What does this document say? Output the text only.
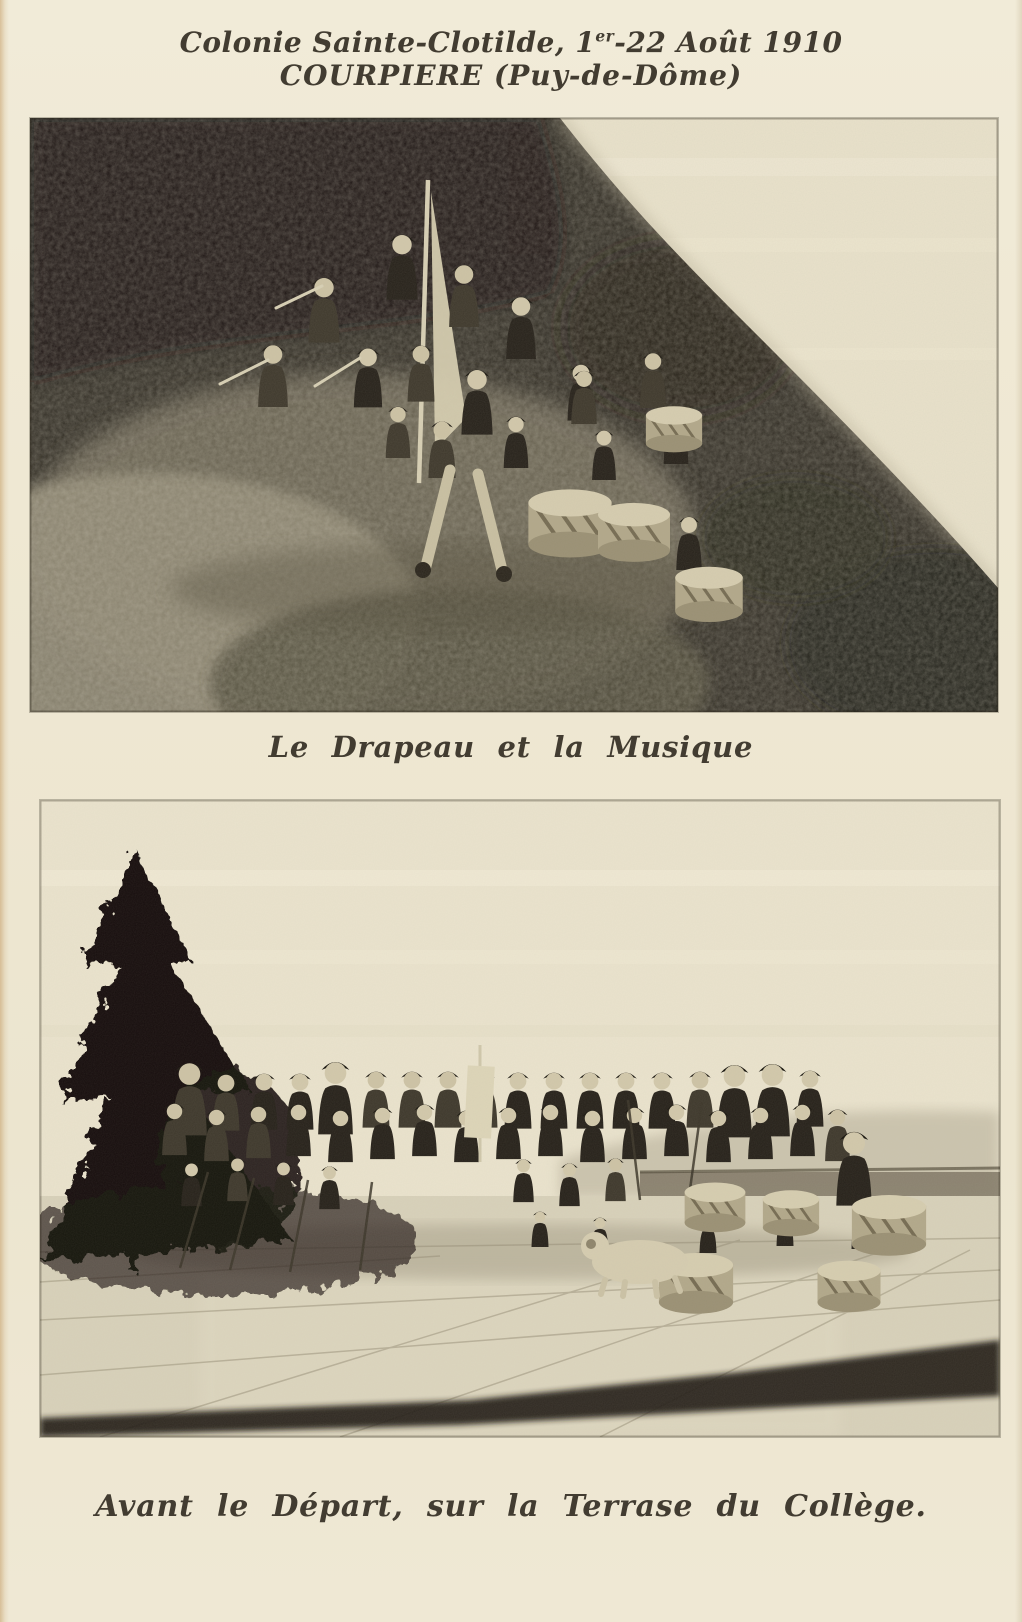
Colonie Sainte-Clotilde, 1er-22 Août 1910
COURPIERE (Puy-de-Dôme)
Le Drapeau et la Musique
Avant le Départ, sur la Terrase du Collège.
